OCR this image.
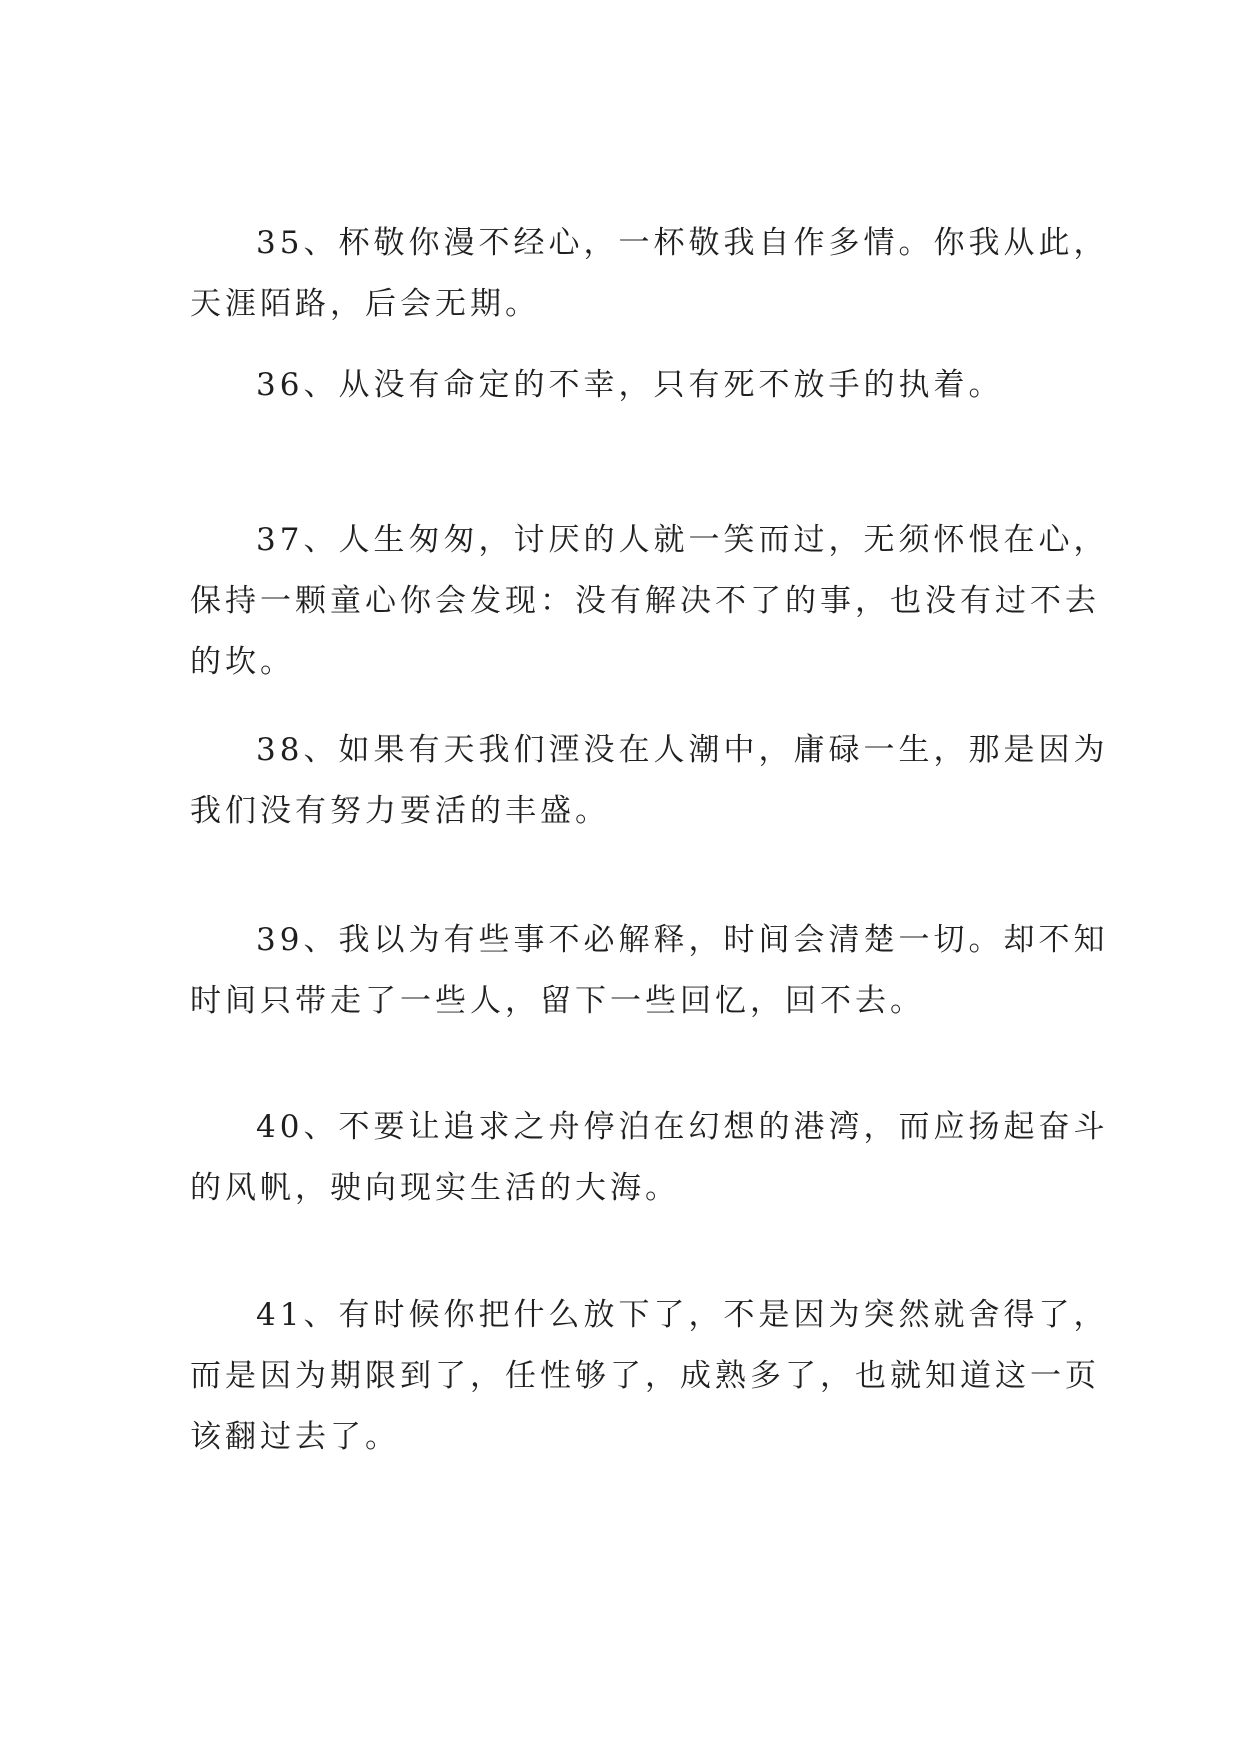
35、杯敬你漫不经心，一杯敬我自作多情。你我从此，
天涯陌路，后会无期。

36、从没有命定的不幸，只有死不放手的执着。

37、人生匆匆，讨厌的人就一笑而过，无须怀恨在心，
保持一颗童心你会发现：没有解决不了的事，也没有过不去
的坎。

38、如果有天我们湮没在人潮中，庸碌一生，那是因为
我们没有努力要活的丰盛。

39、我以为有些事不必解释，时间会清楚一切。却不知
时间只带走了一些人，留下一些回忆，回不去。

40、不要让追求之舟停泊在幻想的港湾，而应扬起奋斗
的风帆，驶向现实生活的大海。

41、有时候你把什么放下了，不是因为突然就舍得了，
而是因为期限到了，任性够了，成熟多了，也就知道这一页
该翻过去了。
